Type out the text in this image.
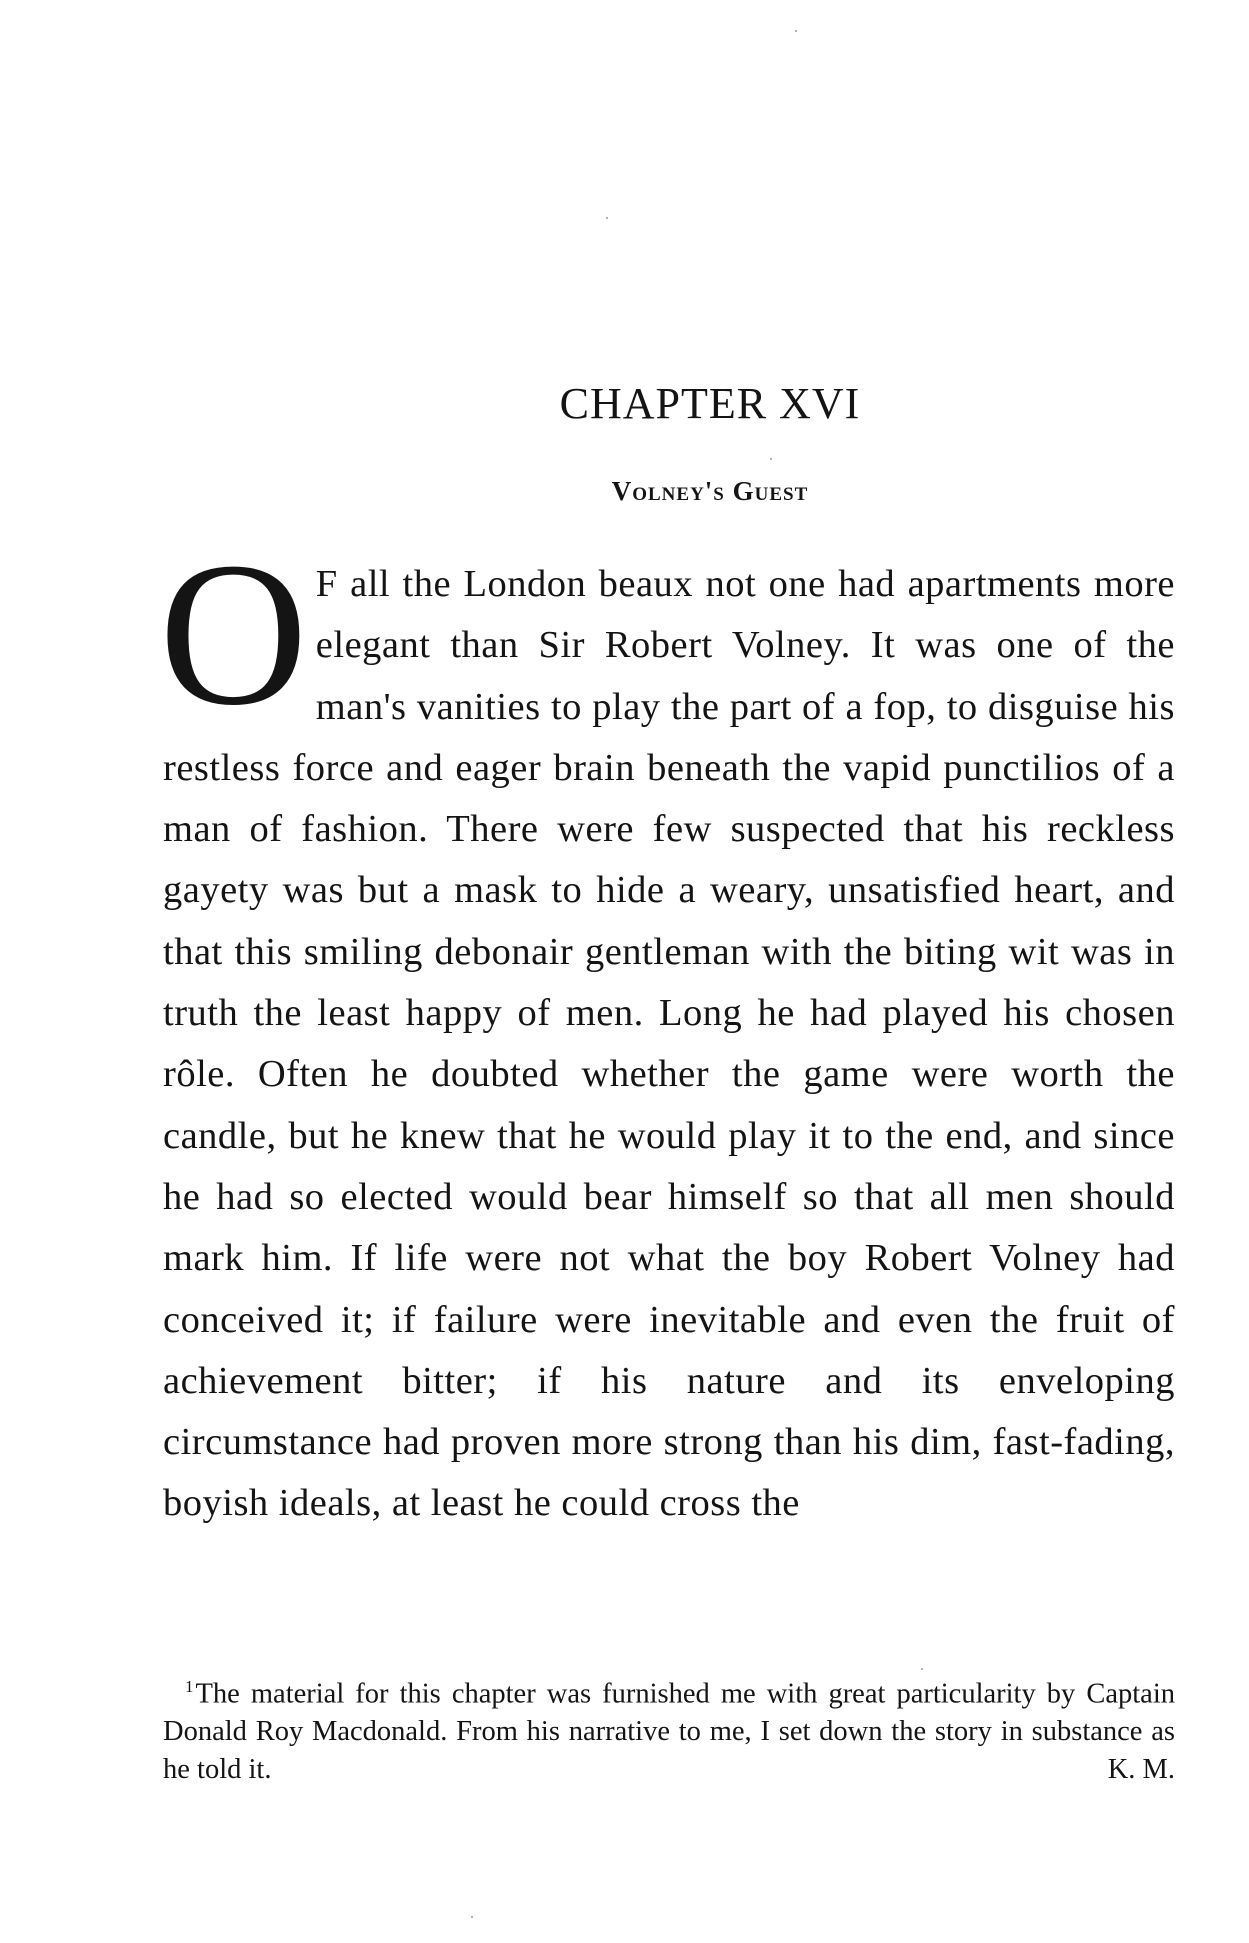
CHAPTER XVI
Volney's Guest

O F all the London beaux not one had apartments more elegant than Sir Robert Volney. It was one of the man's vanities to play the part of a fop, to disguise his restless force and eager brain beneath the vapid punctilios of a man of fashion. There were few suspected that his reckless gayety was but a mask to hide a weary, unsatisfied heart, and that this smiling debonair gentleman with the biting wit was in truth the least happy of men. Long he had played his chosen rôle. Often he doubted whether the game were worth the candle, but he knew that he would play it to the end, and since he had so elected would bear himself so that all men should mark him. If life were not what the boy Robert Volney had conceived it; if failure were inevitable and even the fruit of achievement bitter; if his nature and its enveloping circumstance had proven more strong than his dim, fast-fading, boyish ideals, at least he could cross the

$^1$The material for this chapter was furnished me with great particularity by Captain Donald Roy Macdonald. From his narrative to me, I set down the story in substance as he told it.	K. M.
